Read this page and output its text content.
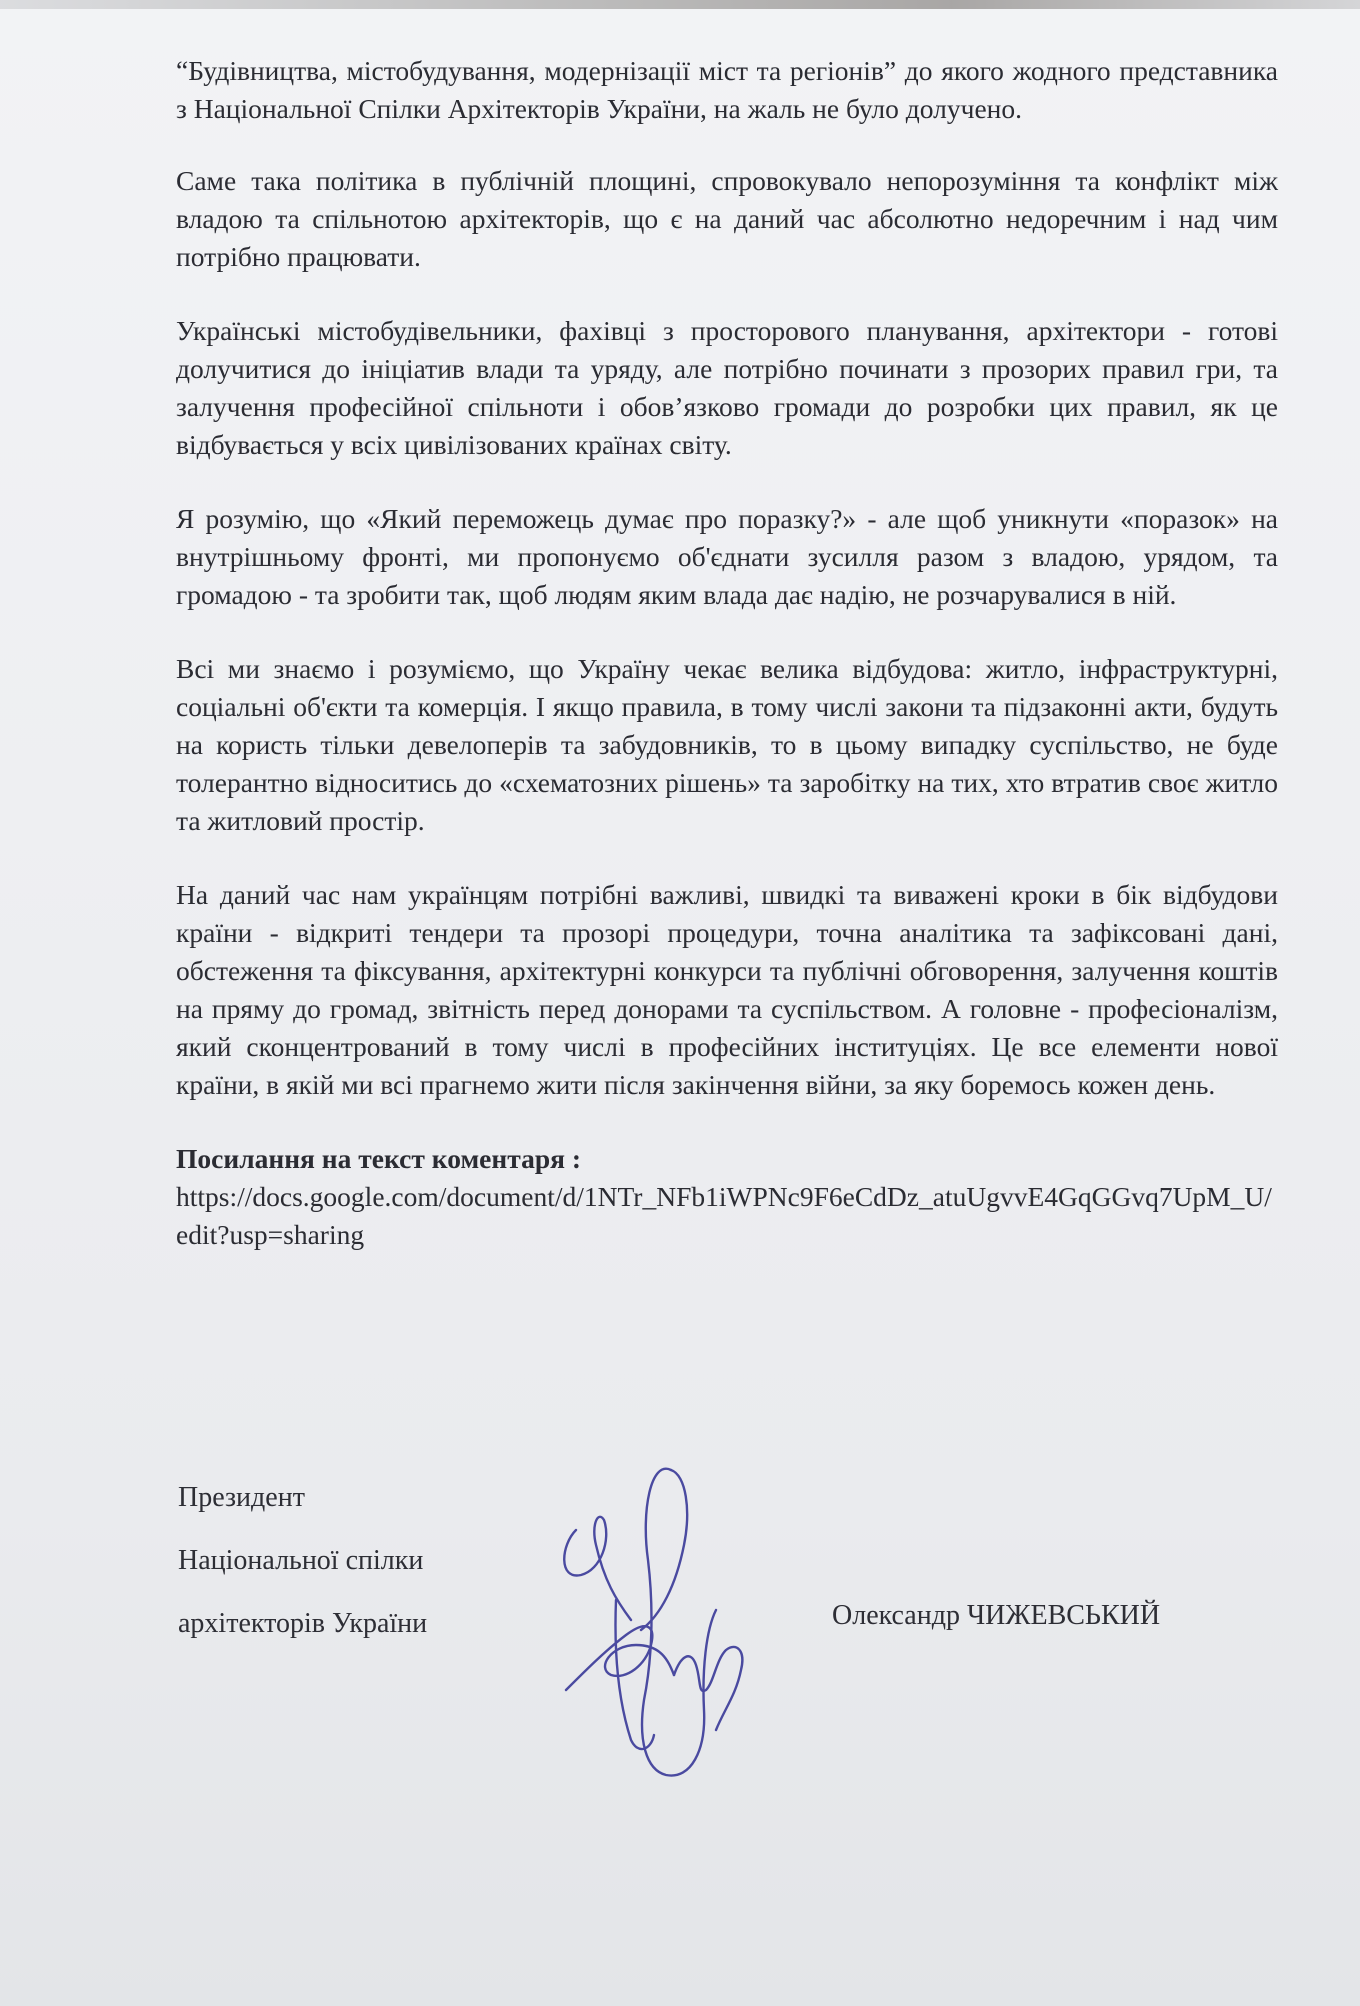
“Будівництва, містобудування, модернізації міст та регіонів” до якого жодного представника з Національної Спілки Архітекторів України, на жаль не було долучено.

Саме така політика в публічній площині, спровокувало непорозуміння та конфлікт між владою та спільнотою архітекторів, що є на даний час абсолютно недоречним і над чим потрібно працювати.

Українські містобудівельники, фахівці з просторового планування, архітектори - готові долучитися до ініціатив влади та уряду, але потрібно починати з прозорих правил гри, та залучення професійної спільноти і обов’язково громади до розробки цих правил, як це відбувається у всіх цивілізованих країнах світу.

Я розумію, що «Який переможець думає про поразку?» - але щоб уникнути «поразок» на внутрішньому фронті, ми пропонуємо об'єднати зусилля разом з владою, урядом, та громадою - та зробити так, щоб людям яким влада дає надію, не розчарувалися в ній.

Всі ми знаємо і розуміємо, що Україну чекає велика відбудова: житло, інфраструктурні, соціальні об'єкти та комерція. І якщо правила, в тому числі закони та підзаконні акти, будуть на користь тільки девелоперів та забудовників, то в цьому випадку суспільство, не буде толерантно відноситись до «схематозних рішень» та заробітку на тих, хто втратив своє житло та житловий простір.

На даний час нам українцям потрібні важливі, швидкі та виважені кроки в бік відбудови країни - відкриті тендери та прозорі процедури, точна аналітика та зафіксовані дані, обстеження та фіксування, архітектурні конкурси та публічні обговорення, залучення коштів на пряму до громад, звітність перед донорами та суспільством. А головне - професіоналізм, який сконцентрований в тому числі в професійних інституціях. Це все елементи нової країни, в якій ми всі прагнемо жити після закінчення війни, за яку боремось кожен день.

Посилання на текст коментаря :

https://docs.google.com/document/d/1NTr_NFb1iWPNc9F6eCdDz_atuUgvvE4GqGGvq7UpM_U/edit?usp=sharing

Президент
Національної спілки
архітекторів України	Олександр ЧИЖЕВСЬКИЙ
